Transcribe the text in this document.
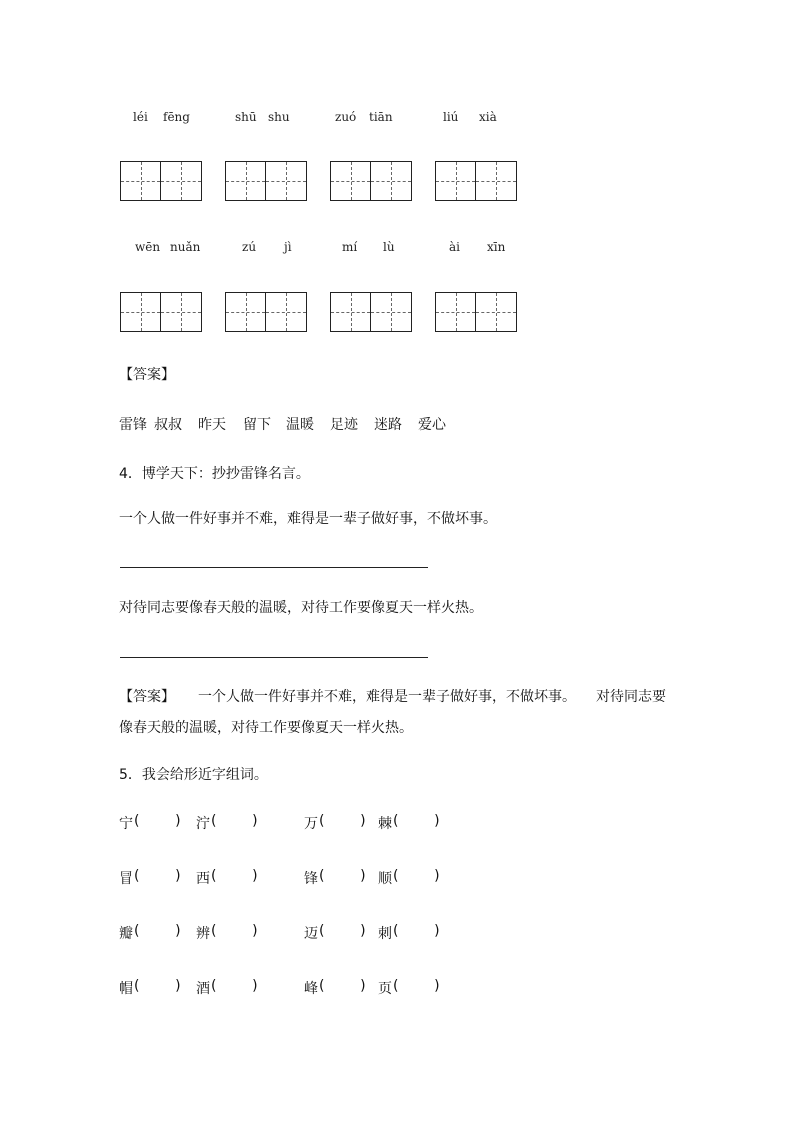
léi fēng	shū shu	zuó tiān	liú xià
wēn nuǎn	zú jì	mí lù	ài xīn
【答案】
雷锋 叔叔 昨天 留下 温暖 足迹 迷路 爱心
4．博学天下：抄抄雷锋名言。
一个人做一件好事并不难，难得是一辈子做好事，不做坏事。
对待同志要像春天般的温暖，对待工作要像夏天一样火热。
【答案】 一个人做一件好事并不难，难得是一辈子做好事，不做坏事。 对待同志要
像春天般的温暖，对待工作要像夏天一样火热。
5．我会给形近字组词。
宁 (        ) 泞 (        )	万 (        ) 棘 (        )
冒 (        ) 西 (        )	锋 (        ) 顺 (        )
瓣 (        ) 辨 (        )	迈 (        ) 刺 (        )
帽 (        ) 酒 (        )	峰 (        ) 页 (        )
